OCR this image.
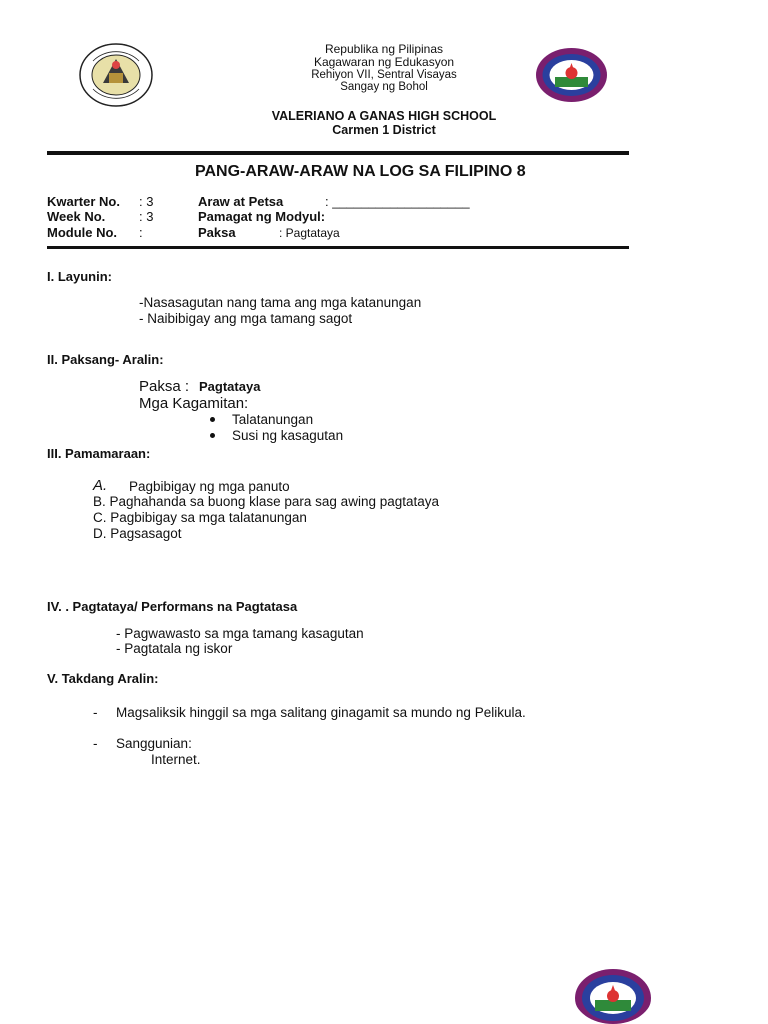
Republika ng Pilipinas
Kagawaran ng Edukasyon
Rehiyon VII, Sentral Visayas
Sangay ng Bohol
VALERIANO A GANAS HIGH SCHOOL
Carmen 1 District
PANG-ARAW-ARAW NA LOG SA FILIPINO 8
Kwarter No. : 3	Araw at Petsa	: ___________________
Week No.	: 3	Pamagat ng Modyul:
Module No. :	Paksa	: Pagtataya
I. Layunin:
-Nasasagutan nang tama ang mga katanungan
- Naibibigay ang mga tamang sagot
II. Paksang- Aralin:
Paksa : Pagtataya
Mga Kagamitan:
Talatanungan
Susi ng kasagutan
III. Pamamaraan:
A. Pagbibigay ng mga panuto
B. Paghahanda sa buong klase para sag awing pagtataya
C. Pagbibigay sa mga talatanungan
D. Pagsasagot
IV. . Pagtataya/ Performans na Pagtatasa
- Pagwawasto sa mga tamang kasagutan
- Pagtatala ng iskor
V. Takdang Aralin:
- Magsaliksik hinggil sa mga salitang ginagamit sa mundo ng Pelikula.
- Sanggunian:
Internet.
